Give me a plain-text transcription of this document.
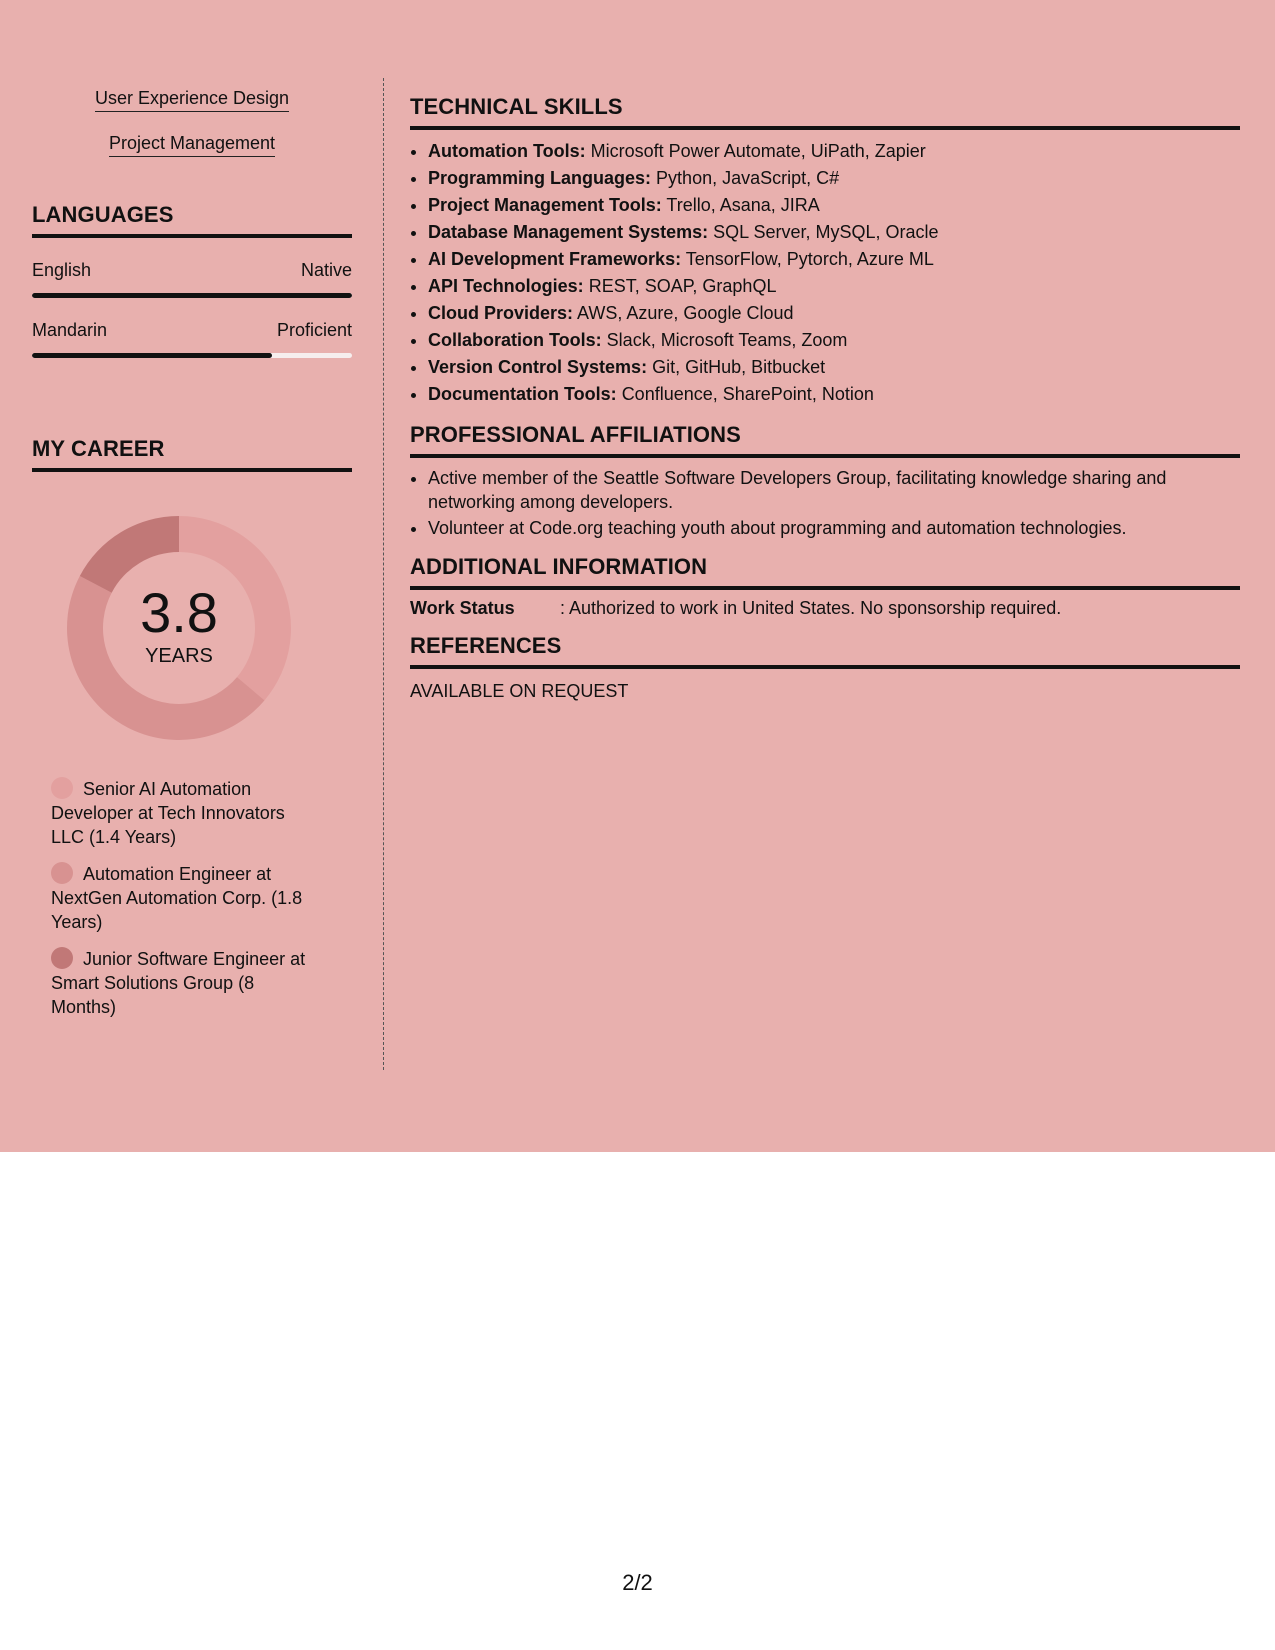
User Experience Design
Project Management
LANGUAGES
English	Native
Mandarin	Proficient
MY CAREER
3.8
YEARS
Senior AI Automation Developer at Tech Innovators LLC (1.4 Years)
Automation Engineer at NextGen Automation Corp. (1.8 Years)
Junior Software Engineer at Smart Solutions Group (8 Months)
TECHNICAL SKILLS
• Automation Tools: Microsoft Power Automate, UiPath, Zapier
• Programming Languages: Python, JavaScript, C#
• Project Management Tools: Trello, Asana, JIRA
• Database Management Systems: SQL Server, MySQL, Oracle
• AI Development Frameworks: TensorFlow, Pytorch, Azure ML
• API Technologies: REST, SOAP, GraphQL
• Cloud Providers: AWS, Azure, Google Cloud
• Collaboration Tools: Slack, Microsoft Teams, Zoom
• Version Control Systems: Git, GitHub, Bitbucket
• Documentation Tools: Confluence, SharePoint, Notion
PROFESSIONAL AFFILIATIONS
• Active member of the Seattle Software Developers Group, facilitating knowledge sharing and networking among developers.
• Volunteer at Code.org teaching youth about programming and automation technologies.
ADDITIONAL INFORMATION
Work Status	: Authorized to work in United States. No sponsorship required.
REFERENCES
AVAILABLE ON REQUEST
2/2
